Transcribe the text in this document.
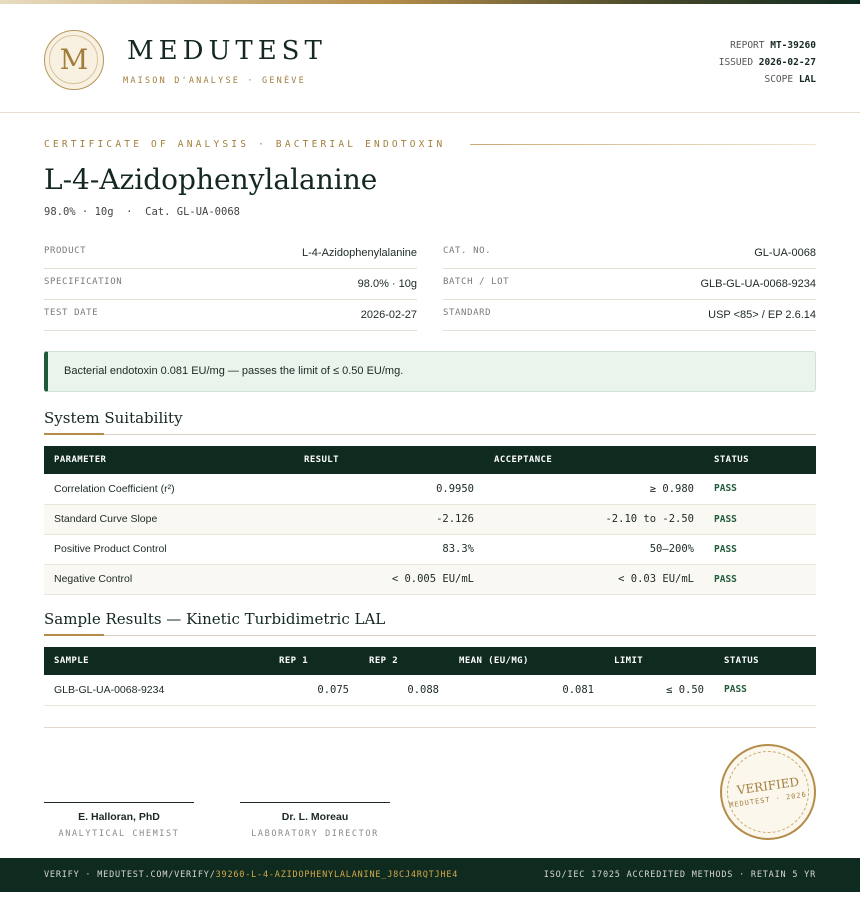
M	MEDUTEST
MAISON D'ANALYSE · GENÈVE
REPORT MT-39260
ISSUED 2026-02-27
SCOPE LAL
CERTIFICATE OF ANALYSIS · BACTERIAL ENDOTOXIN
L-4-Azidophenylalanine
98.0% · 10g  ·  Cat. GL-UA-0068
PRODUCT	L-4-Azidophenylalanine
SPECIFICATION	98.0% · 10g
TEST DATE	2026-02-27
CAT. NO.	GL-UA-0068
BATCH / LOT	GLB-GL-UA-0068-9234
STANDARD	USP <85> / EP 2.6.14
Bacterial endotoxin 0.081 EU/mg — passes the limit of ≤ 0.50 EU/mg.
System Suitability
PARAMETER	RESULT	ACCEPTANCE	STATUS
Correlation Coefficient (r²)	0.9950	≥ 0.980	PASS
Standard Curve Slope	-2.126	-2.10 to -2.50	PASS
Positive Product Control	83.3%	50–200%	PASS
Negative Control	< 0.005 EU/mL	< 0.03 EU/mL	PASS
Sample Results — Kinetic Turbidimetric LAL
SAMPLE	REP 1	REP 2	MEAN (EU/MG)	LIMIT	STATUS
GLB-GL-UA-0068-9234	0.075	0.088	0.081	≤ 0.50	PASS
E. Halloran, PhD
ANALYTICAL CHEMIST
Dr. L. Moreau
LABORATORY DIRECTOR
VERIFIED
MEDUTEST · 2026
VERIFY · MEDUTEST.COM/VERIFY/39260-L-4-AZIDOPHENYLALANINE_J8CJ4RQTJHE4	ISO/IEC 17025 ACCREDITED METHODS · RETAIN 5 YR
